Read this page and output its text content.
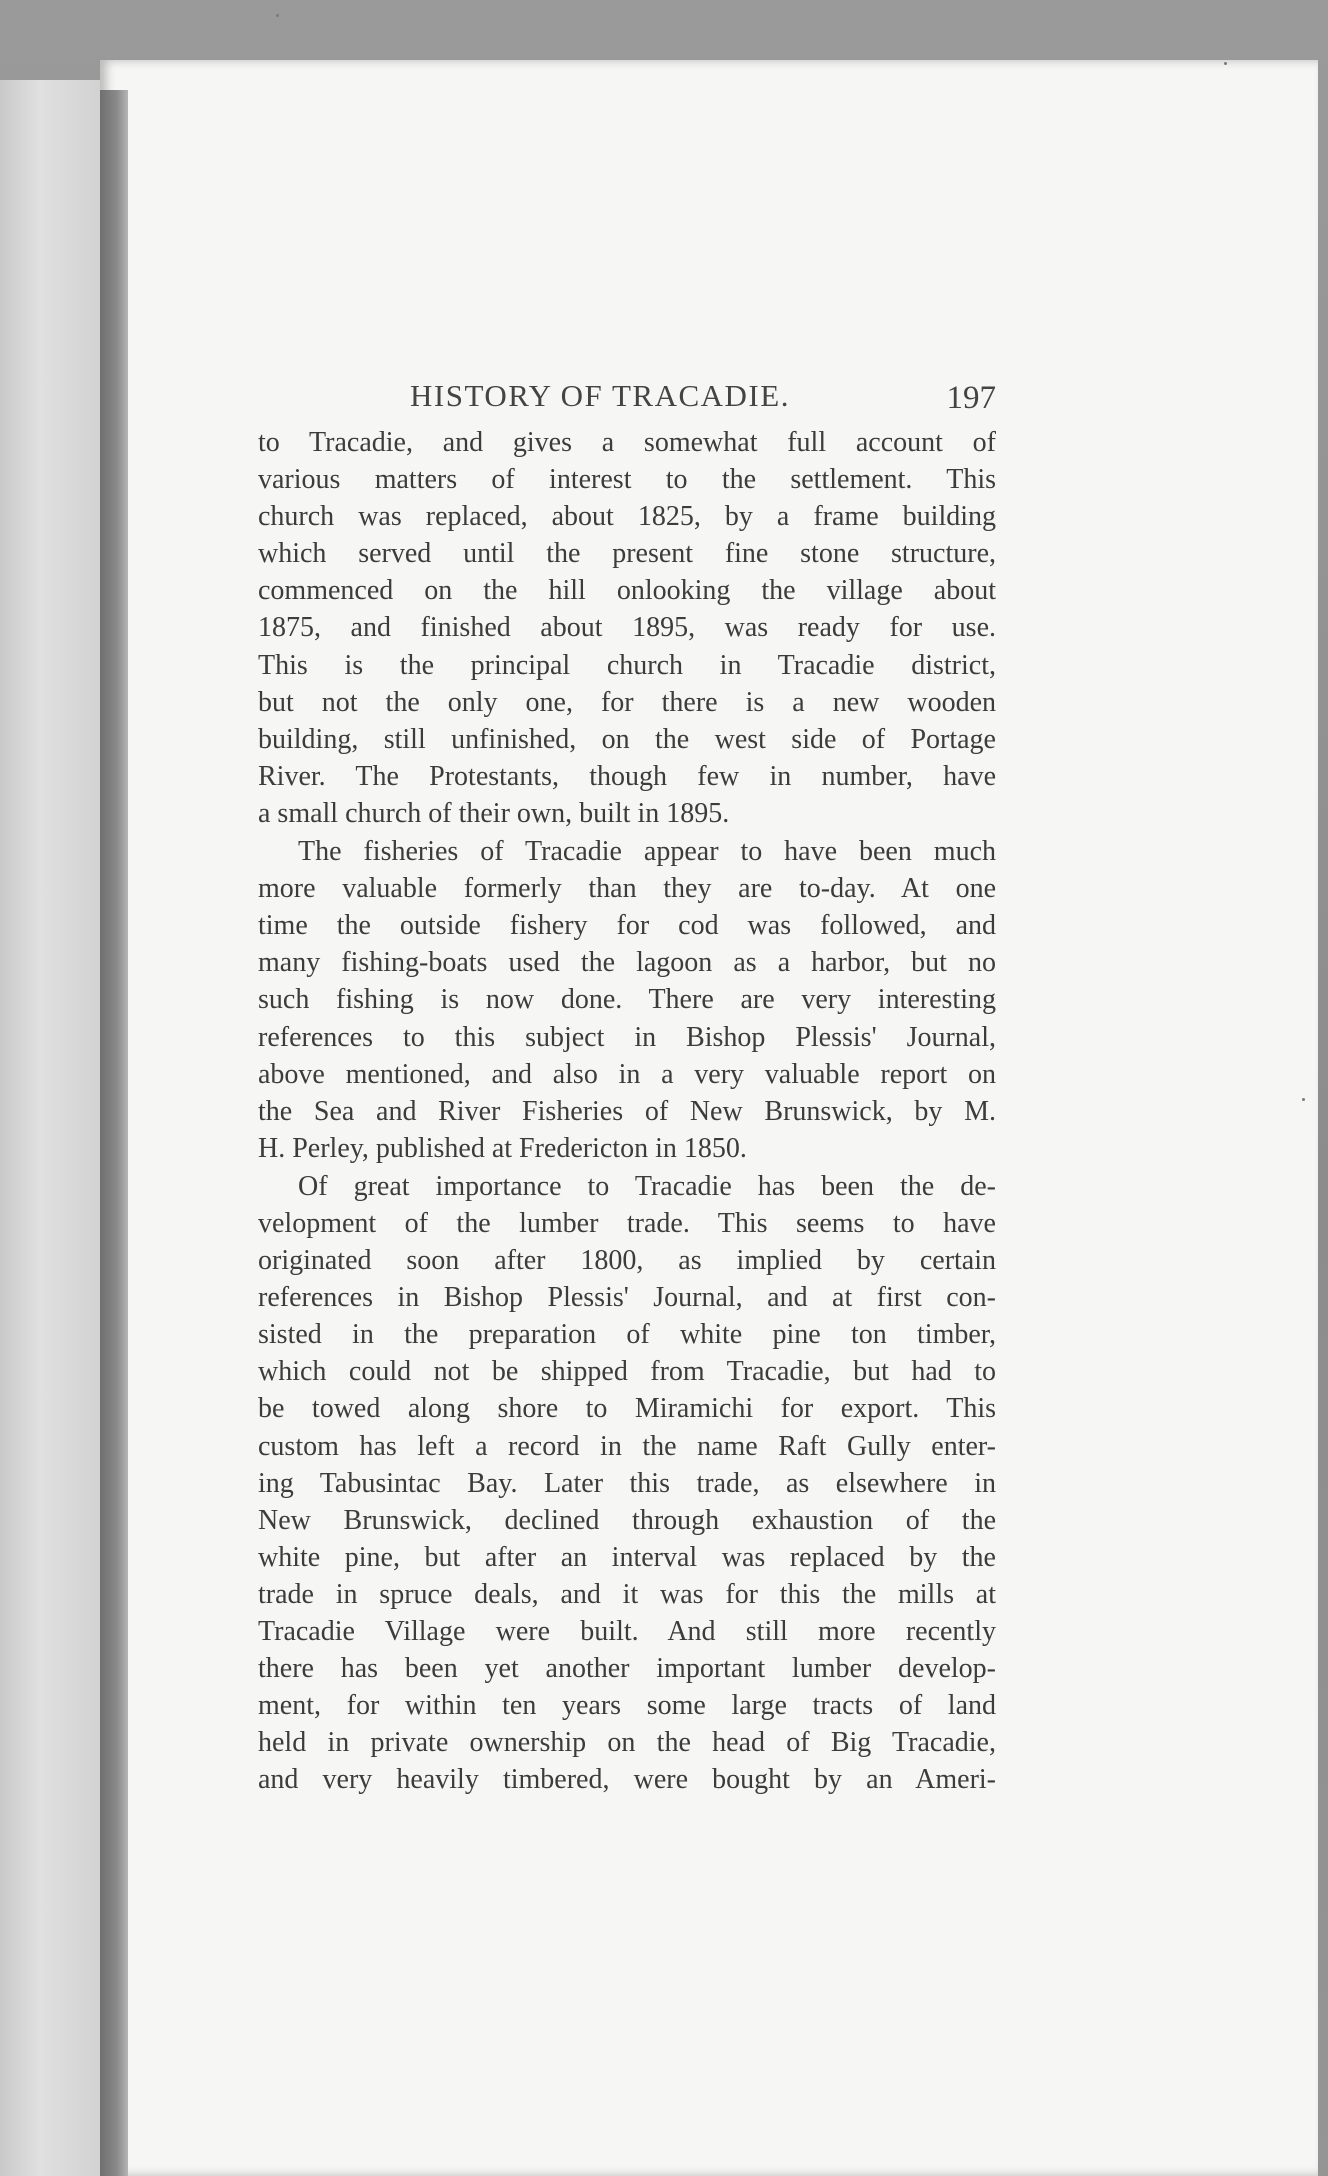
HISTORY OF TRACADIE.	197
to Tracadie, and gives a somewhat full account of
various matters of interest to the settlement. This
church was replaced, about 1825, by a frame building
which served until the present fine stone structure,
commenced on the hill onlooking the village about
1875, and finished about 1895, was ready for use.
This is the principal church in Tracadie district,
but not the only one, for there is a new wooden
building, still unfinished, on the west side of Portage
River. The Protestants, though few in number, have
a small church of their own, built in 1895.
The fisheries of Tracadie appear to have been much
more valuable formerly than they are to-day. At one
time the outside fishery for cod was followed, and
many fishing-boats used the lagoon as a harbor, but no
such fishing is now done. There are very interesting
references to this subject in Bishop Plessis' Journal,
above mentioned, and also in a very valuable report on
the Sea and River Fisheries of New Brunswick, by M.
H. Perley, published at Fredericton in 1850.
Of great importance to Tracadie has been the de-
velopment of the lumber trade. This seems to have
originated soon after 1800, as implied by certain
references in Bishop Plessis' Journal, and at first con-
sisted in the preparation of white pine ton timber,
which could not be shipped from Tracadie, but had to
be towed along shore to Miramichi for export. This
custom has left a record in the name Raft Gully enter-
ing Tabusintac Bay. Later this trade, as elsewhere in
New Brunswick, declined through exhaustion of the
white pine, but after an interval was replaced by the
trade in spruce deals, and it was for this the mills at
Tracadie Village were built. And still more recently
there has been yet another important lumber develop-
ment, for within ten years some large tracts of land
held in private ownership on the head of Big Tracadie,
and very heavily timbered, were bought by an Ameri-
